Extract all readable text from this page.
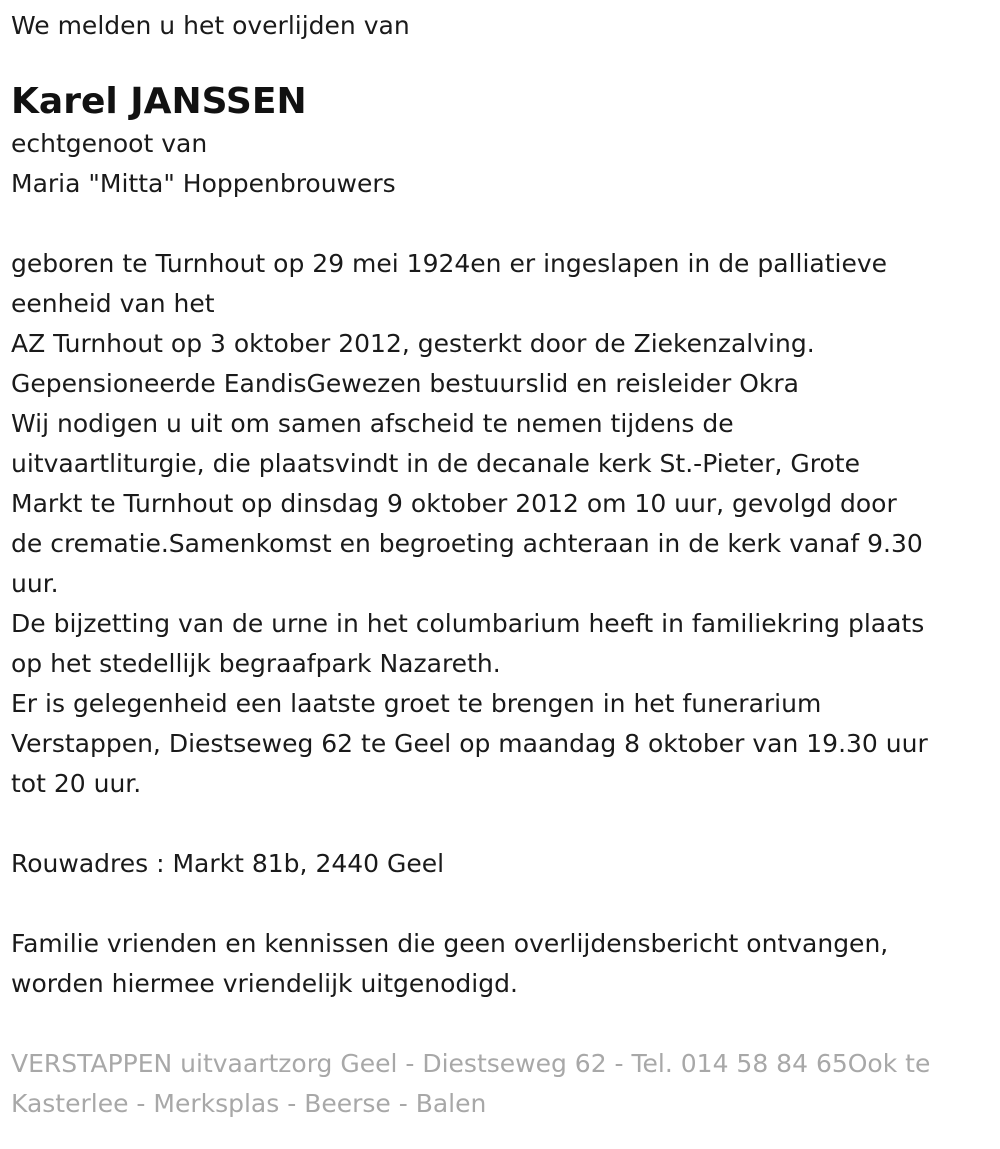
We melden u het overlijden van
Karel JANSSEN
echtgenoot van
Maria "Mitta" Hoppenbrouwers
geboren te Turnhout op 29 mei 1924en er ingeslapen in de palliatieve
eenheid van het
AZ Turnhout op 3 oktober 2012, gesterkt door de Ziekenzalving.
Gepensioneerde EandisGewezen bestuurslid en reisleider Okra
Wij nodigen u uit om samen afscheid te nemen tijdens de
uitvaartliturgie, die plaatsvindt in de decanale kerk St.-Pieter, Grote
Markt te Turnhout op dinsdag 9 oktober 2012 om 10 uur, gevolgd door
de crematie.Samenkomst en begroeting achteraan in de kerk vanaf 9.30
uur.
De bijzetting van de urne in het columbarium heeft in familiekring plaats
op het stedellijk begraafpark Nazareth.
Er is gelegenheid een laatste groet te brengen in het funerarium
Verstappen, Diestseweg 62 te Geel op maandag 8 oktober van 19.30 uur
tot 20 uur.
Rouwadres : Markt 81b, 2440 Geel
Familie vrienden en kennissen die geen overlijdensbericht ontvangen,
worden hiermee vriendelijk uitgenodigd.
VERSTAPPEN uitvaartzorg Geel - Diestseweg 62 - Tel. 014 58 84 65Ook te
Kasterlee - Merksplas - Beerse - Balen
